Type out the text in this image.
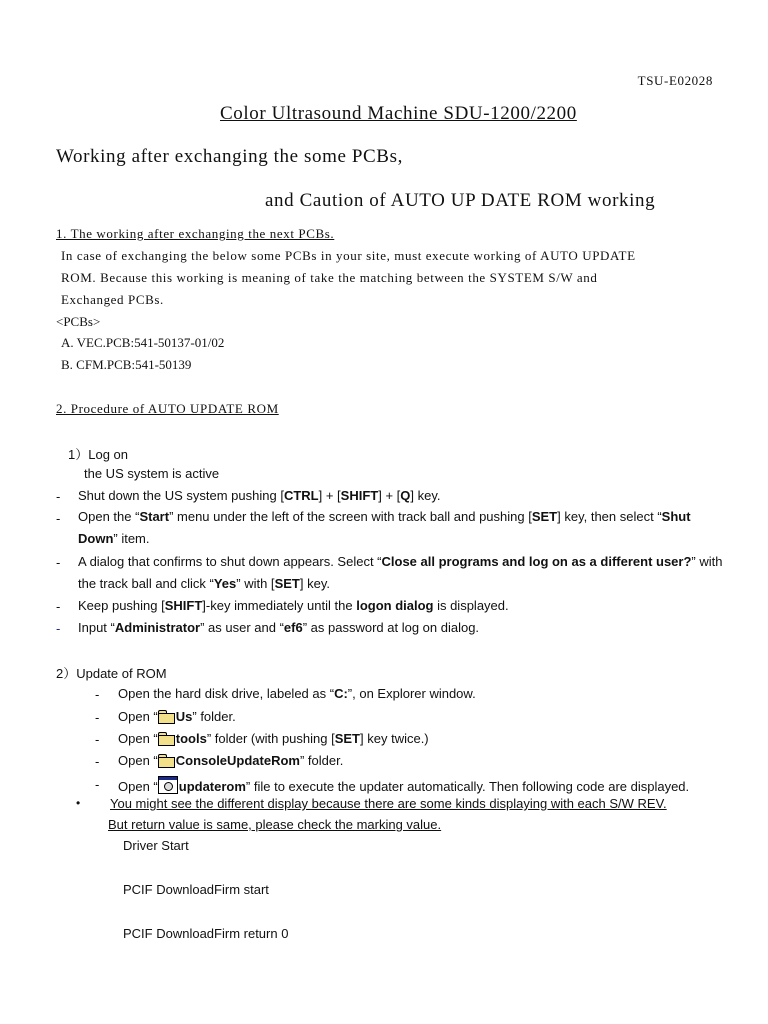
TSU-E02028
Color Ultrasound Machine SDU-1200/2200
Working after exchanging the some PCBs,
and Caution of AUTO UP DATE ROM working
1. The working after exchanging the next PCBs.
In case of exchanging the below some PCBs in your site, must execute working of AUTO UPDATE
ROM. Because this working is meaning of take the matching between the SYSTEM S/W and
Exchanged PCBs.
<PCBs>
A. VEC.PCB:541-50137-01/02
B. CFM.PCB:541-50139
2. Procedure of AUTO UPDATE ROM
1）Log on
the US system is active
- Shut down the US system pushing [CTRL] + [SHIFT] + [Q] key.
- Open the “Start” menu under the left of the screen with track ball and pushing [SET] key, then select “Shut
Down” item.
- A dialog that confirms to shut down appears. Select “Close all programs and log on as a different user?” with
the track ball and click “Yes” with [SET] key.
- Keep pushing [SHIFT]-key immediately until the logon dialog is displayed.
- Input “Administrator” as user and “ef6” as password at log on dialog.
2）Update of ROM
- Open the hard disk drive, labeled as “C:”, on Explorer window.
- Open “ Us” folder.
- Open “ tools” folder (with pushing [SET] key twice.)
- Open “ ConsoleUpdateRom” folder.
- Open “ updaterom” file to execute the updater automatically. Then following code are displayed.
• You might see the different display because there are some kinds displaying with each S/W REV.
But return value is same, please check the marking value.
Driver Start
PCIF DownloadFirm start
PCIF DownloadFirm return 0
